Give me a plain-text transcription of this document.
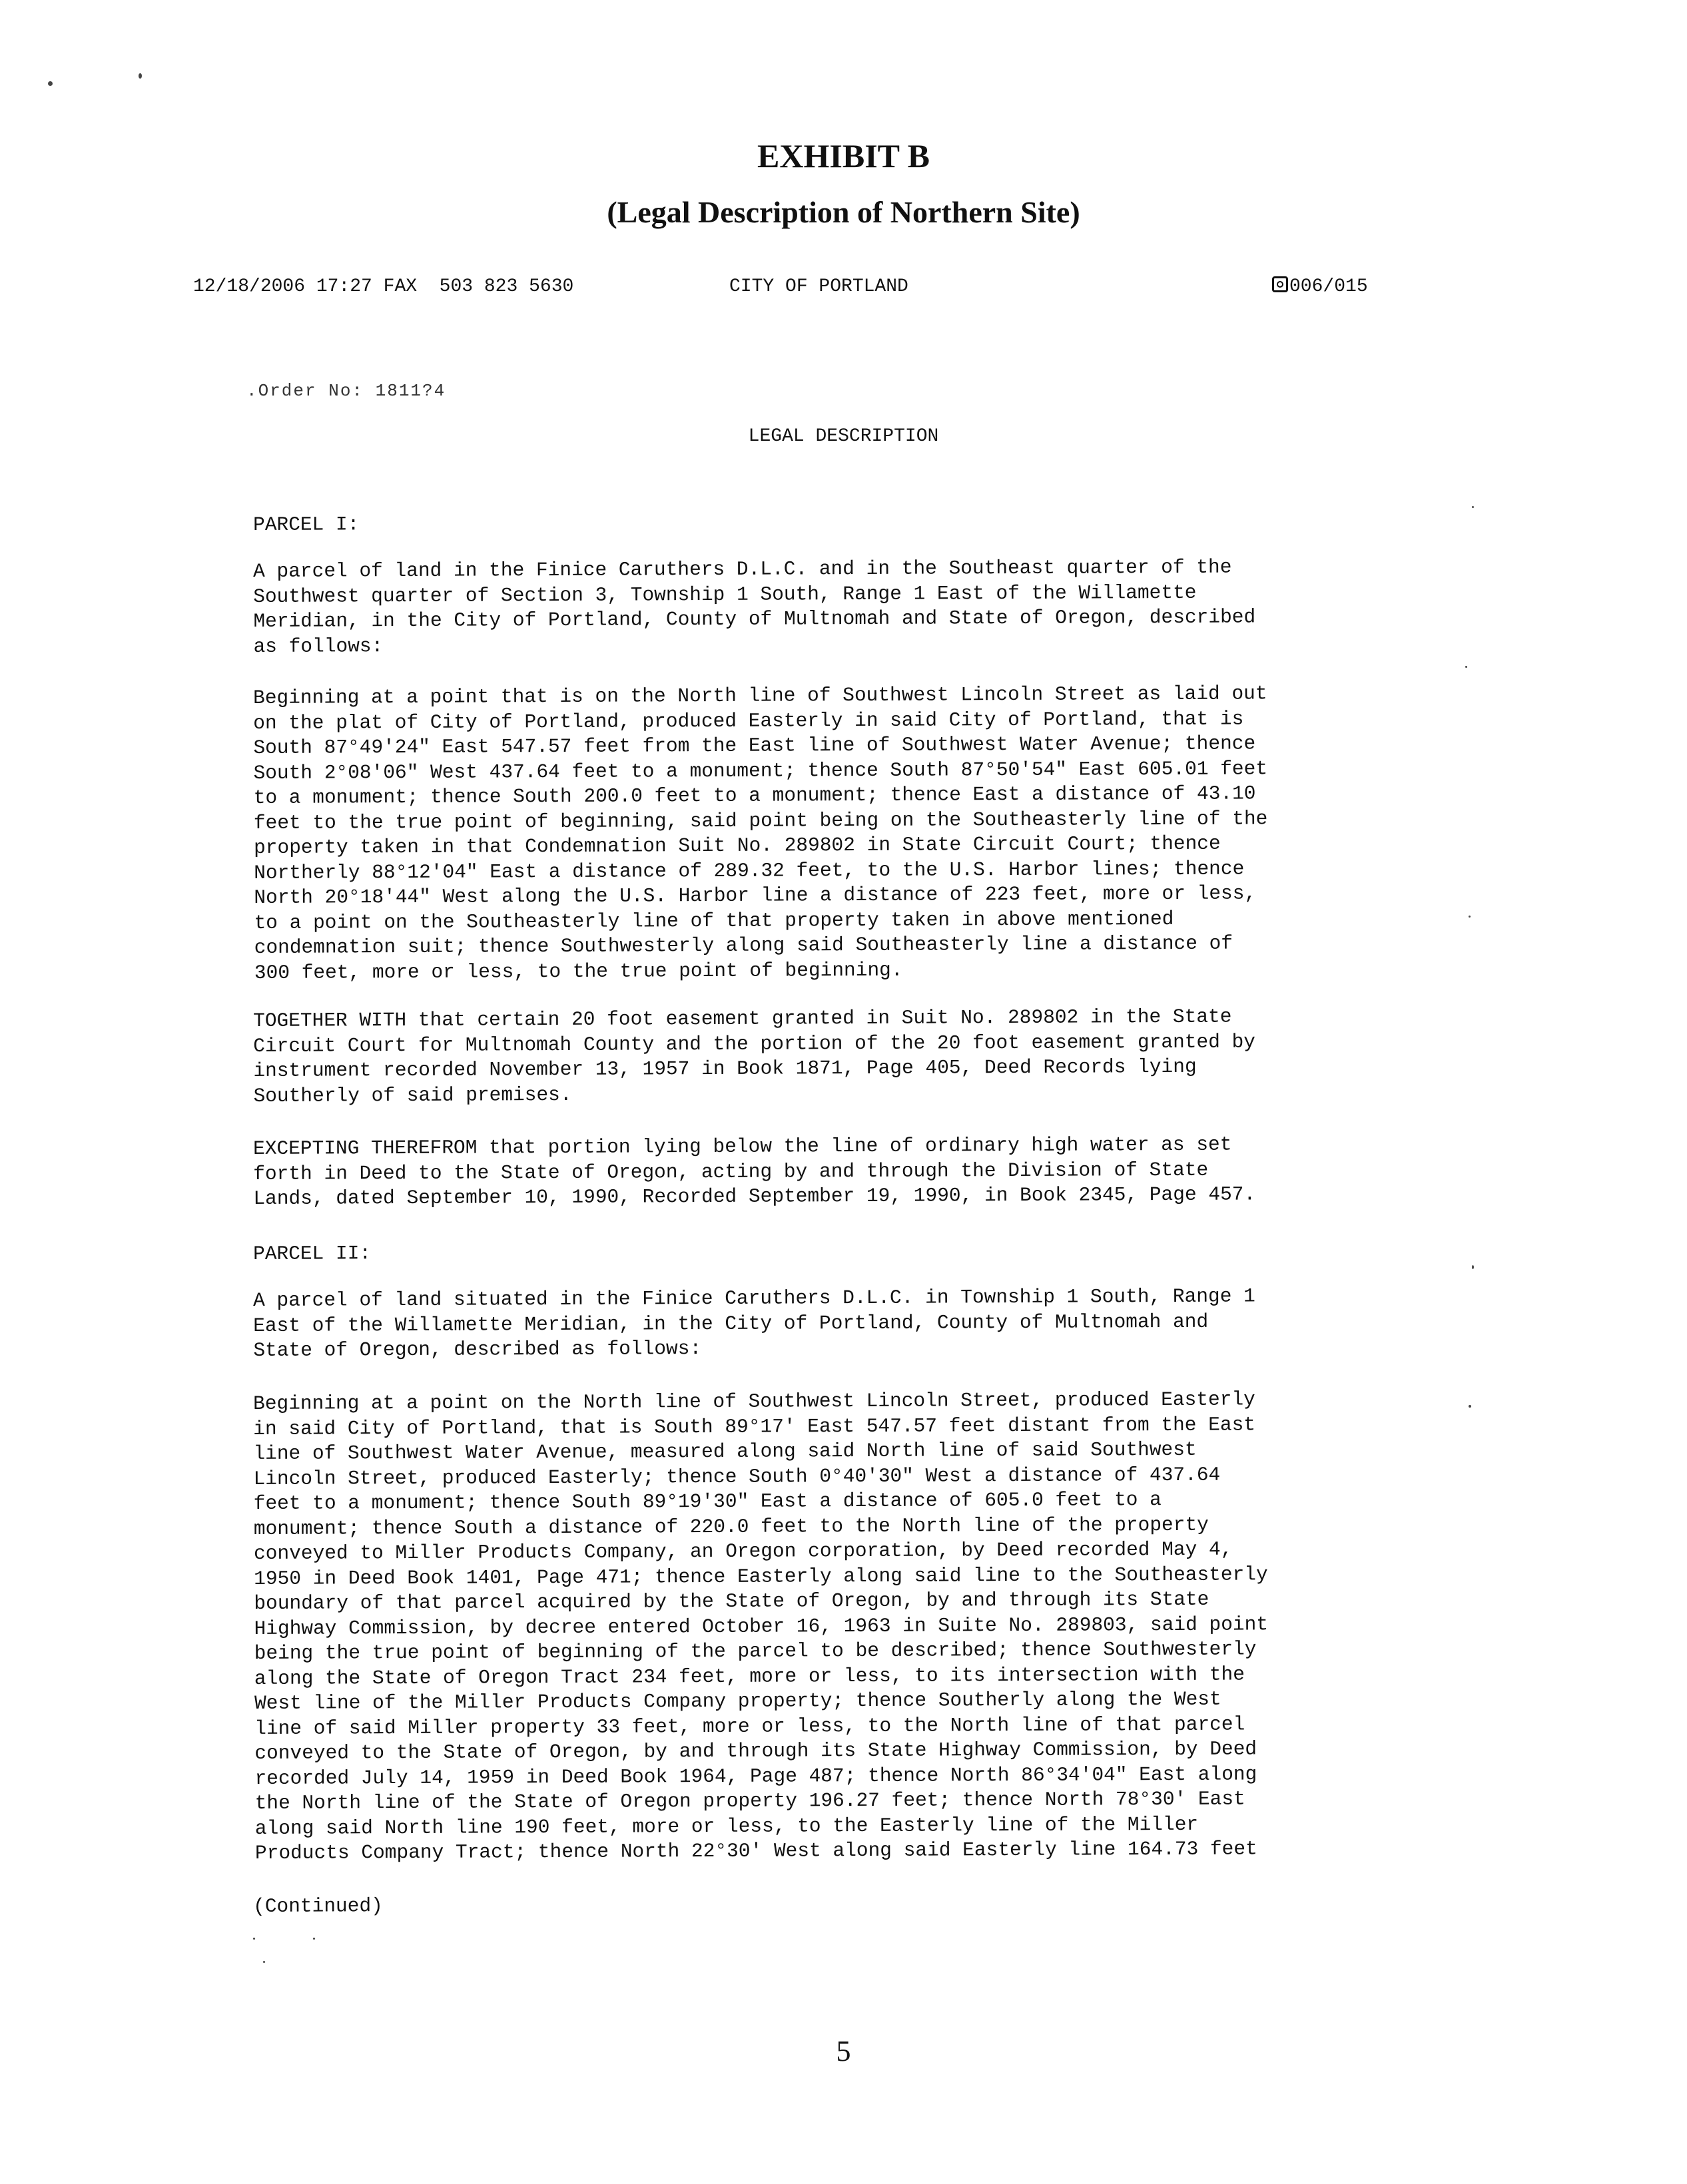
EXHIBIT B
(Legal Description of Northern Site)
12/18/2006 17:27 FAX  503 823 5630	CITY OF PORTLAND	006/015
.Order No: 1811?4
LEGAL DESCRIPTION
PARCEL I:
A parcel of land in the Finice Caruthers D.L.C. and in the Southeast quarter of the
Southwest quarter of Section 3, Township 1 South, Range 1 East of the Willamette
Meridian, in the City of Portland, County of Multnomah and State of Oregon, described
as follows:
Beginning at a point that is on the North line of Southwest Lincoln Street as laid out
on the plat of City of Portland, produced Easterly in said City of Portland, that is
South 87°49'24" East 547.57 feet from the East line of Southwest Water Avenue; thence
South 2°08'06" West 437.64 feet to a monument; thence South 87°50'54" East 605.01 feet
to a monument; thence South 200.0 feet to a monument; thence East a distance of 43.10
feet to the true point of beginning, said point being on the Southeasterly line of the
property taken in that Condemnation Suit No. 289802 in State Circuit Court; thence
Northerly 88°12'04" East a distance of 289.32 feet, to the U.S. Harbor lines; thence
North 20°18'44" West along the U.S. Harbor line a distance of 223 feet, more or less,
to a point on the Southeasterly line of that property taken in above mentioned
condemnation suit; thence Southwesterly along said Southeasterly line a distance of
300 feet, more or less, to the true point of beginning.
TOGETHER WITH that certain 20 foot easement granted in Suit No. 289802 in the State
Circuit Court for Multnomah County and the portion of the 20 foot easement granted by
instrument recorded November 13, 1957 in Book 1871, Page 405, Deed Records lying
Southerly of said premises.
EXCEPTING THEREFROM that portion lying below the line of ordinary high water as set
forth in Deed to the State of Oregon, acting by and through the Division of State
Lands, dated September 10, 1990, Recorded September 19, 1990, in Book 2345, Page 457.
PARCEL II:
A parcel of land situated in the Finice Caruthers D.L.C. in Township 1 South, Range 1
East of the Willamette Meridian, in the City of Portland, County of Multnomah and
State of Oregon, described as follows:
Beginning at a point on the North line of Southwest Lincoln Street, produced Easterly
in said City of Portland, that is South 89°17' East 547.57 feet distant from the East
line of Southwest Water Avenue, measured along said North line of said Southwest
Lincoln Street, produced Easterly; thence South 0°40'30" West a distance of 437.64
feet to a monument; thence South 89°19'30" East a distance of 605.0 feet to a
monument; thence South a distance of 220.0 feet to the North line of the property
conveyed to Miller Products Company, an Oregon corporation, by Deed recorded May 4,
1950 in Deed Book 1401, Page 471; thence Easterly along said line to the Southeasterly
boundary of that parcel acquired by the State of Oregon, by and through its State
Highway Commission, by decree entered October 16, 1963 in Suite No. 289803, said point
being the true point of beginning of the parcel to be described; thence Southwesterly
along the State of Oregon Tract 234 feet, more or less, to its intersection with the
West line of the Miller Products Company property; thence Southerly along the West
line of said Miller property 33 feet, more or less, to the North line of that parcel
conveyed to the State of Oregon, by and through its State Highway Commission, by Deed
recorded July 14, 1959 in Deed Book 1964, Page 487; thence North 86°34'04" East along
the North line of the State of Oregon property 196.27 feet; thence North 78°30' East
along said North line 190 feet, more or less, to the Easterly line of the Miller
Products Company Tract; thence North 22°30' West along said Easterly line 164.73 feet
(Continued)
5
